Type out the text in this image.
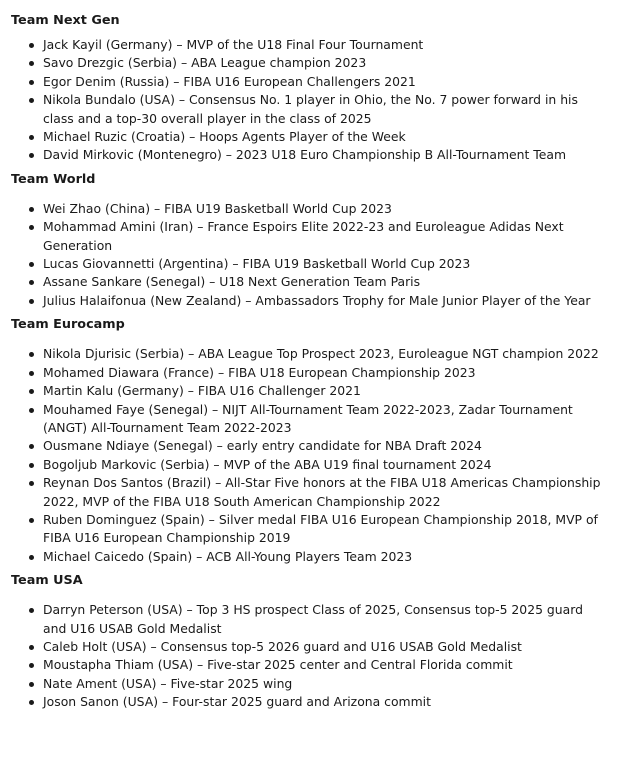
Team Next Gen
Jack Kayil (Germany) – MVP of the U18 Final Four Tournament
Savo Drezgic (Serbia) – ABA League champion 2023
Egor Denim (Russia) – FIBA U16 European Challengers 2021
Nikola Bundalo (USA) – Consensus No. 1 player in Ohio, the No. 7 power forward in his class and a top-30 overall player in the class of 2025
Michael Ruzic (Croatia) – Hoops Agents Player of the Week
David Mirkovic (Montenegro) – 2023 U18 Euro Championship B All-Tournament Team
Team World
Wei Zhao (China) – FIBA U19 Basketball World Cup 2023
Mohammad Amini (Iran) – France Espoirs Elite 2022-23 and Euroleague Adidas Next Generation
Lucas Giovannetti (Argentina) – FIBA U19 Basketball World Cup 2023
Assane Sankare (Senegal) – U18 Next Generation Team Paris
Julius Halaifonua (New Zealand) – Ambassadors Trophy for Male Junior Player of the Year
Team Eurocamp
Nikola Djurisic (Serbia) – ABA League Top Prospect 2023, Euroleague NGT champion 2022
Mohamed Diawara (France) – FIBA U18 European Championship 2023
Martin Kalu (Germany) – FIBA U16 Challenger 2021
Mouhamed Faye (Senegal) – NIJT All-Tournament Team 2022-2023, Zadar Tournament (ANGT) All-Tournament Team 2022-2023
Ousmane Ndiaye (Senegal) – early entry candidate for NBA Draft 2024
Bogoljub Markovic (Serbia) – MVP of the ABA U19 final tournament 2024
Reynan Dos Santos (Brazil) – All-Star Five honors at the FIBA U18 Americas Championship 2022, MVP of the FIBA U18 South American Championship 2022
Ruben Dominguez (Spain) – Silver medal FIBA U16 European Championship 2018, MVP of FIBA U16 European Championship 2019
Michael Caicedo (Spain) – ACB All-Young Players Team 2023
Team USA
Darryn Peterson (USA) – Top 3 HS prospect Class of 2025, Consensus top-5 2025 guard and U16 USAB Gold Medalist
Caleb Holt (USA) – Consensus top-5 2026 guard and U16 USAB Gold Medalist
Moustapha Thiam (USA) – Five-star 2025 center and Central Florida commit
Nate Ament (USA) – Five-star 2025 wing
Joson Sanon (USA) – Four-star 2025 guard and Arizona commit
